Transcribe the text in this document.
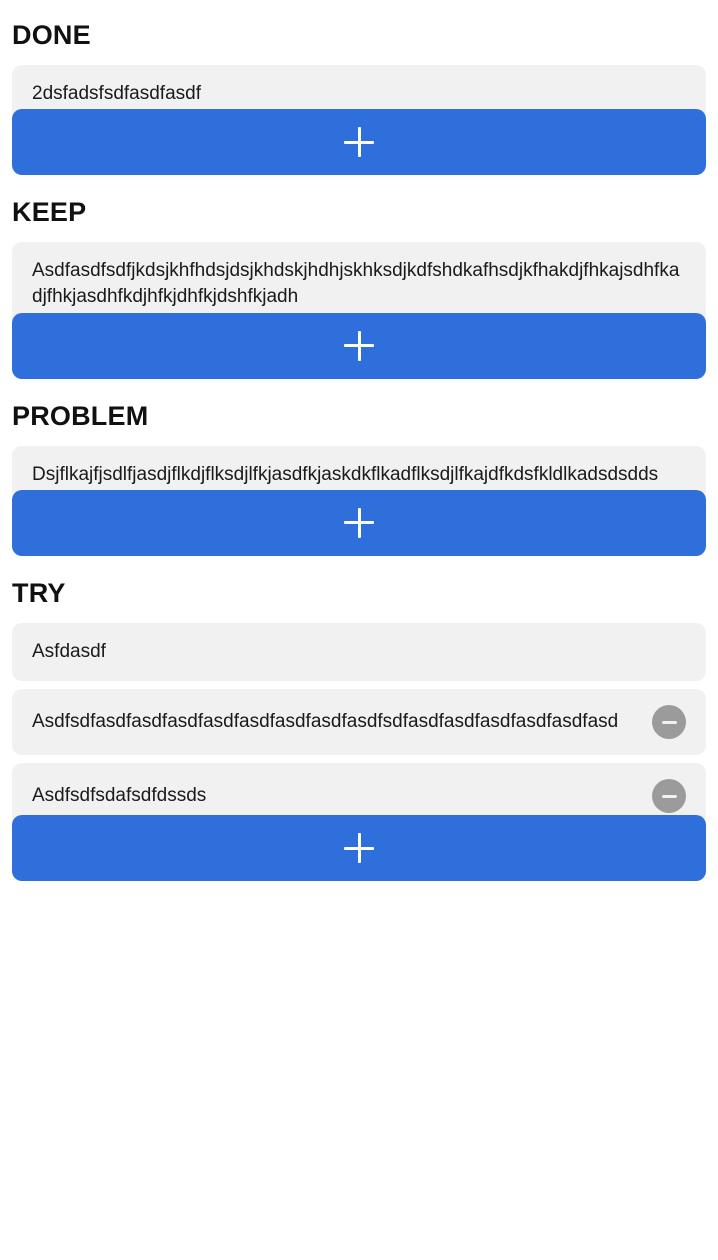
DONE
2dsfadsfsdfasdfasdf
KEEP
Asdfasdfsdfjkdsjkhfhdsjdsjkhdskjhdhjskhksdjkdfshdkafhsdjkfhakdjfhkajsdhfkadjfhkjasdhfkdjhfkjdhfkjdshfkjadh
PROBLEM
Dsjflkajfjsdlfjasdjflkdjflksdjlfkjasdfkjaskdkflkadflksdjlfkajdfkdsfkldlkadsdsdds
TRY
Asfdasdf
Asdfsdfasdfasdfasdfasdfasdfasdfasdfasdfsdfasdfasdfasdfasdfasdfasd
Asdfsdfsdafsdfdssds
